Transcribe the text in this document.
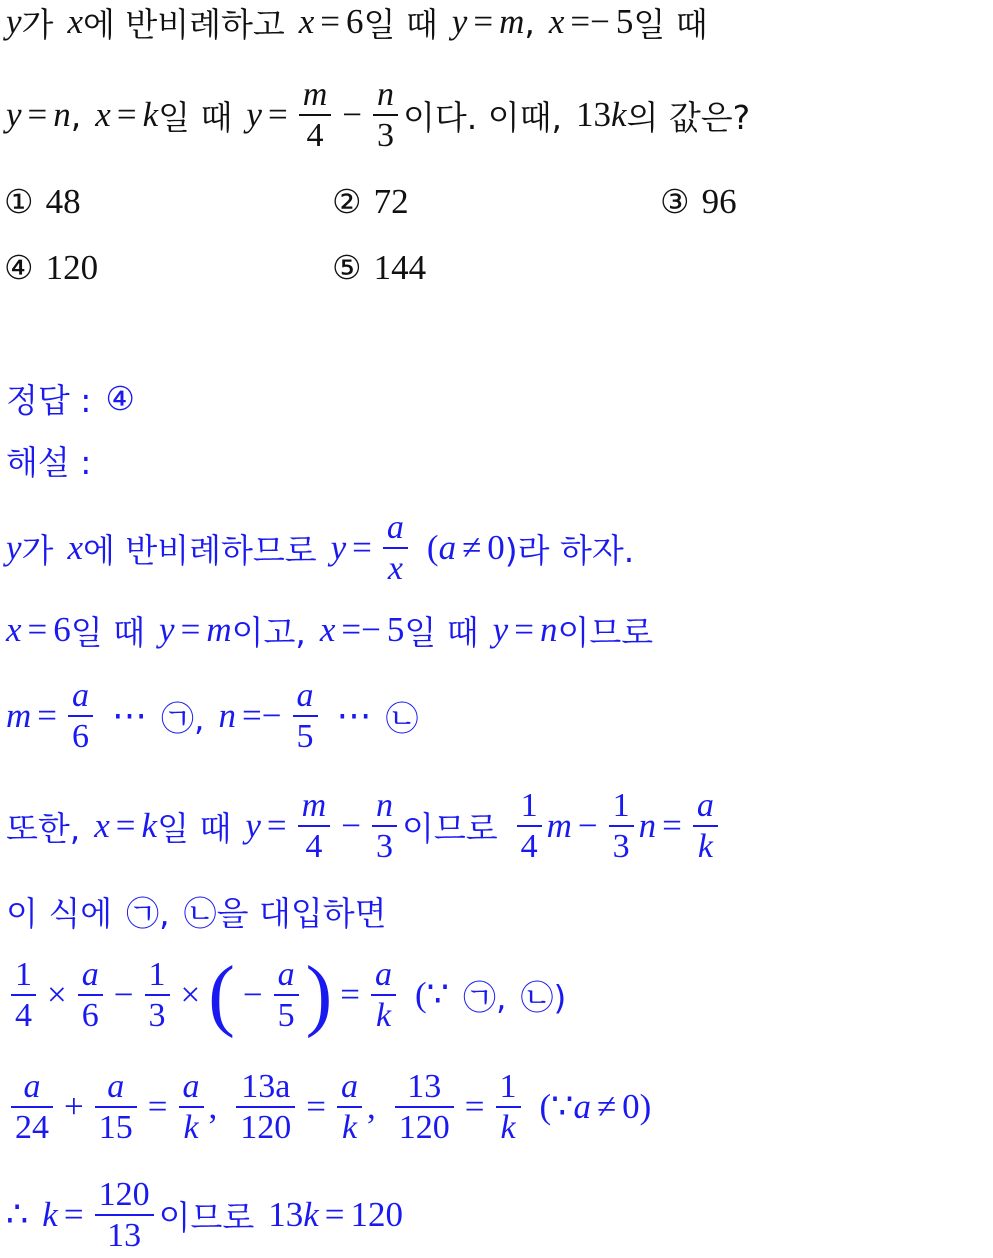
y 가 x 에 반비례하고 x = 6 일 때 y = m , x =− 5 일 때
y = n , x = k 일 때 $y = \frac{m}{4} - \frac{n}{3}$ 이다. 이때, 13 k 의 값은?
① 48	② 72	③ 96
④ 120	⑤ 144
정답 : ④
해설 :
y 가 x 에 반비례하므로 $y = \frac{a}{x}$ ( a ≠ 0 )라 하자.
x = 6 일 때 y = m 이고, x =− 5 일 때 y = n 이므로
$m = \frac{a}{6}$ ⋯ ㉠, $n =- \frac{a}{5}$ ⋯ ㉡
또한, x = k 일 때 $y = \frac{m}{4} - \frac{n}{3}$ 이므로 $\frac{1}{4}$ $m - \frac{1}{3}$ $n = \frac{a}{k}$
이 식에 ㉠, ㉡을 대입하면
$\frac{1}{4} \times \frac{a}{6} - \frac{1}{3}$ × ( − $\frac{a}{5}$ ) = $\frac{a}{k}$ (∵ ㉠, ㉡)
$\frac{a}{24} + \frac{a}{15} = \frac{a}{k}$ , $\frac{13a}{120} = \frac{a}{k}$ , $\frac{13}{120} = \frac{1}{k}$ (∵ a ≠ 0)
∴ $k = \frac{120}{13}$ 이므로 13 k = 120
